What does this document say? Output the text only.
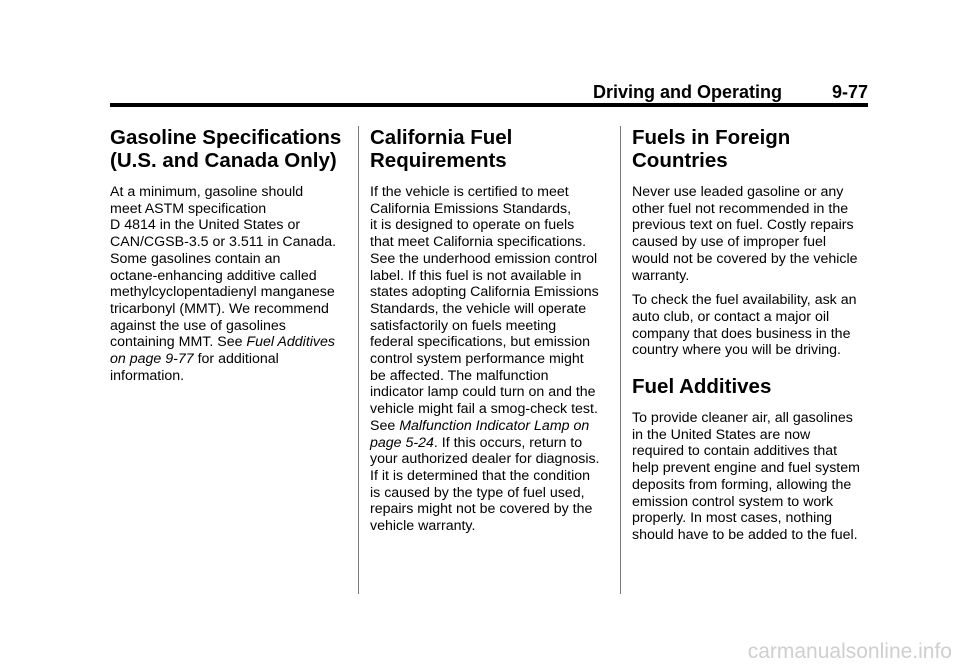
Driving and Operating	9-77
Gasoline Specifications
(U.S. and Canada Only)

At a minimum, gasoline should
meet ASTM specification
D 4814 in the United States or
CAN/CGSB-3.5 or 3.511 in Canada.
Some gasolines contain an
octane-enhancing additive called
methylcyclopentadienyl manganese
tricarbonyl (MMT). We recommend
against the use of gasolines
containing MMT. See Fuel Additives
on page 9-77 for additional
information.

California Fuel
Requirements

If the vehicle is certified to meet
California Emissions Standards,
it is designed to operate on fuels
that meet California specifications.
See the underhood emission control
label. If this fuel is not available in
states adopting California Emissions
Standards, the vehicle will operate
satisfactorily on fuels meeting
federal specifications, but emission
control system performance might
be affected. The malfunction
indicator lamp could turn on and the
vehicle might fail a smog-check test.
See Malfunction Indicator Lamp on
page 5-24. If this occurs, return to
your authorized dealer for diagnosis.
If it is determined that the condition
is caused by the type of fuel used,
repairs might not be covered by the
vehicle warranty.

Fuels in Foreign
Countries

Never use leaded gasoline or any
other fuel not recommended in the
previous text on fuel. Costly repairs
caused by use of improper fuel
would not be covered by the vehicle
warranty.

To check the fuel availability, ask an
auto club, or contact a major oil
company that does business in the
country where you will be driving.

Fuel Additives

To provide cleaner air, all gasolines
in the United States are now
required to contain additives that
help prevent engine and fuel system
deposits from forming, allowing the
emission control system to work
properly. In most cases, nothing
should have to be added to the fuel.

carmanualsonline.info
